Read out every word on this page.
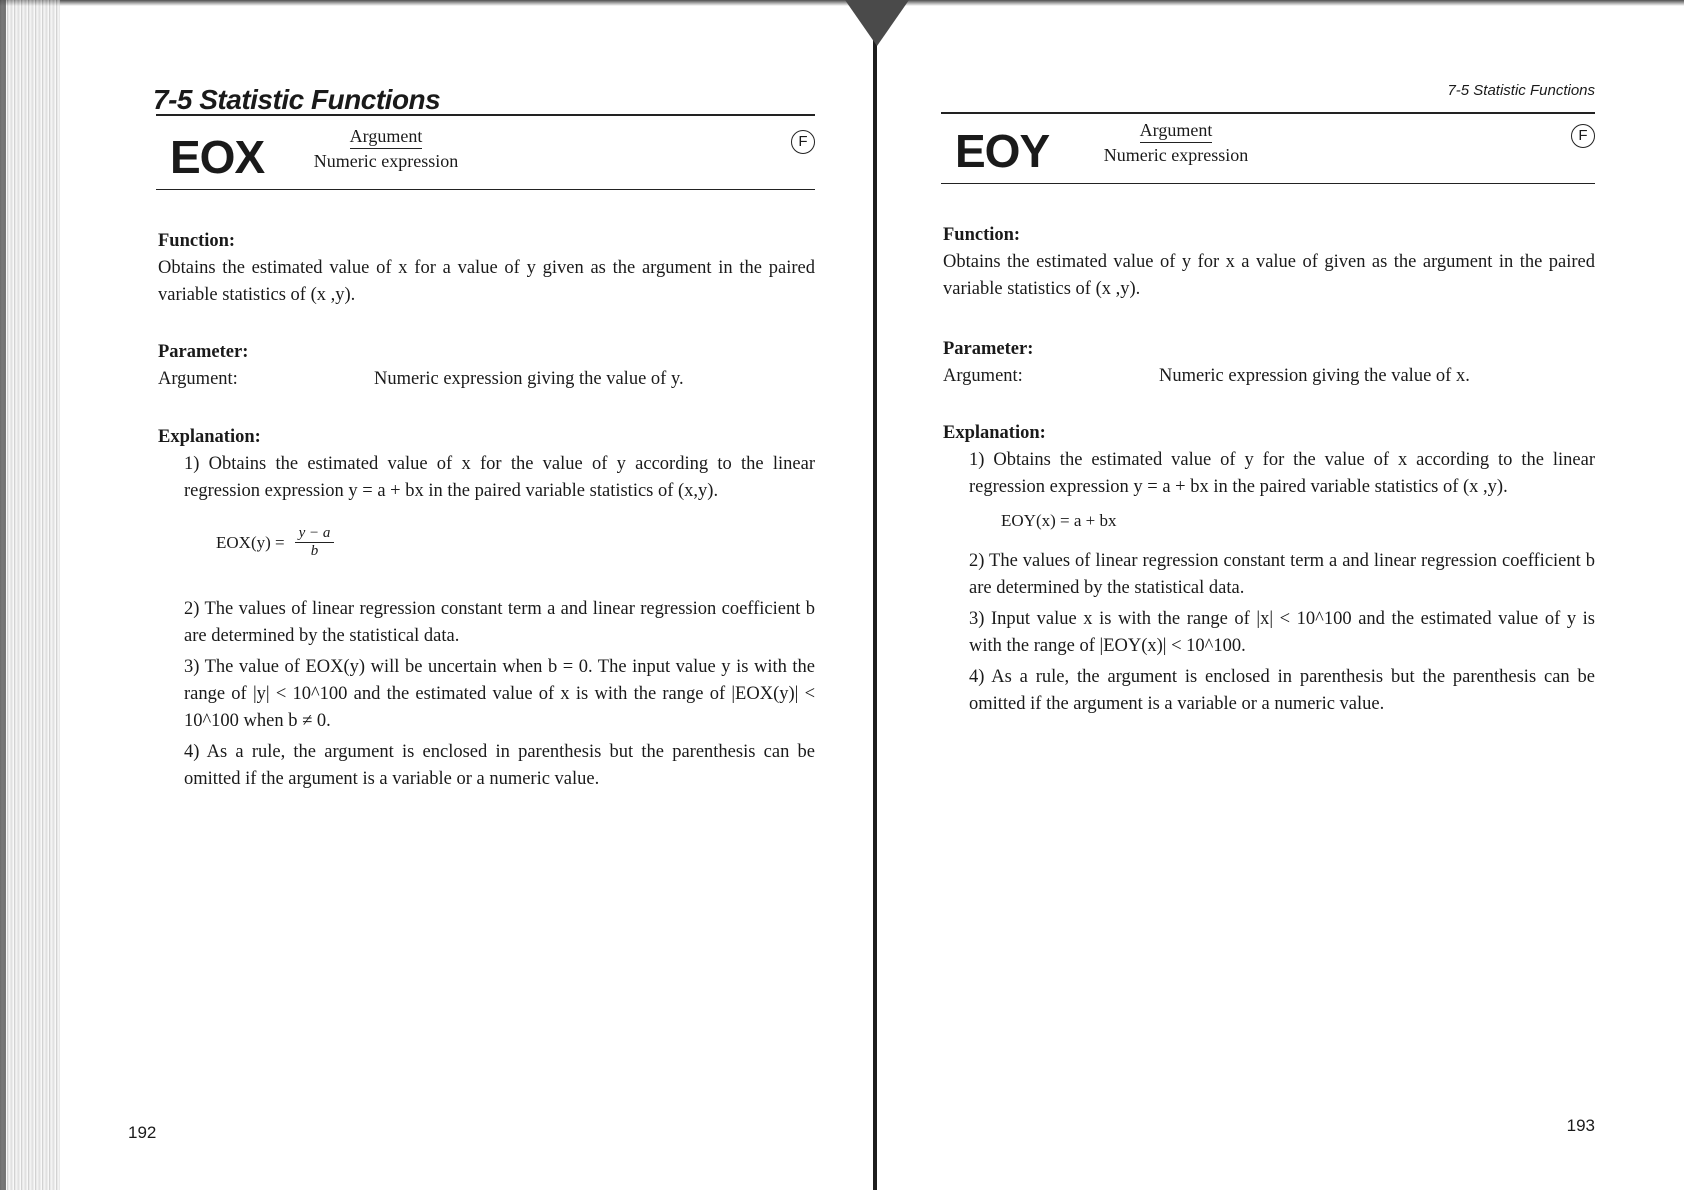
7-5 Statistic Functions
EOX	Argument
Numeric expression
F

Function:

Obtains the estimated value of x for a value of y given as the argument in the paired variable statistics of (x ,y).

Parameter:

Argument:	Numeric expression giving the value of y.

Explanation:

1) Obtains the estimated value of x for the value of y according to the linear regression expression y = a + bx in the paired variable statistics of (x,y).
$EOX(y) = \frac{y - a}{b}$
2) The values of linear regression constant term a and linear regression coefficient b are determined by the statistical data.
3) The value of EOX(y) will be uncertain when b = 0. The input value y is with the range of |y| < 10^100 and the estimated value of x is with the range of |EOX(y)| < 10^100 when b ≠ 0.
4) As a rule, the argument is enclosed in parenthesis but the parenthesis can be omitted if the argument is a variable or a numeric value.
192
7-5 Statistic Functions
EOY	Argument
Numeric expression
F

Function:

Obtains the estimated value of y for x a value of given as the argument in the paired variable statistics of (x ,y).

Parameter:

Argument:	Numeric expression giving the value of x.

Explanation:

1) Obtains the estimated value of y for the value of x according to the linear regression expression y = a + bx in the paired variable statistics of (x ,y).
EOY(x) = a + bx
2) The values of linear regression constant term a and linear regression coefficient b are determined by the statistical data.
3) Input value x is with the range of |x| < 10^100 and the estimated value of y is with the range of |EOY(x)| < 10^100.
4) As a rule, the argument is enclosed in parenthesis but the parenthesis can be omitted if the argument is a variable or a numeric value.
193
